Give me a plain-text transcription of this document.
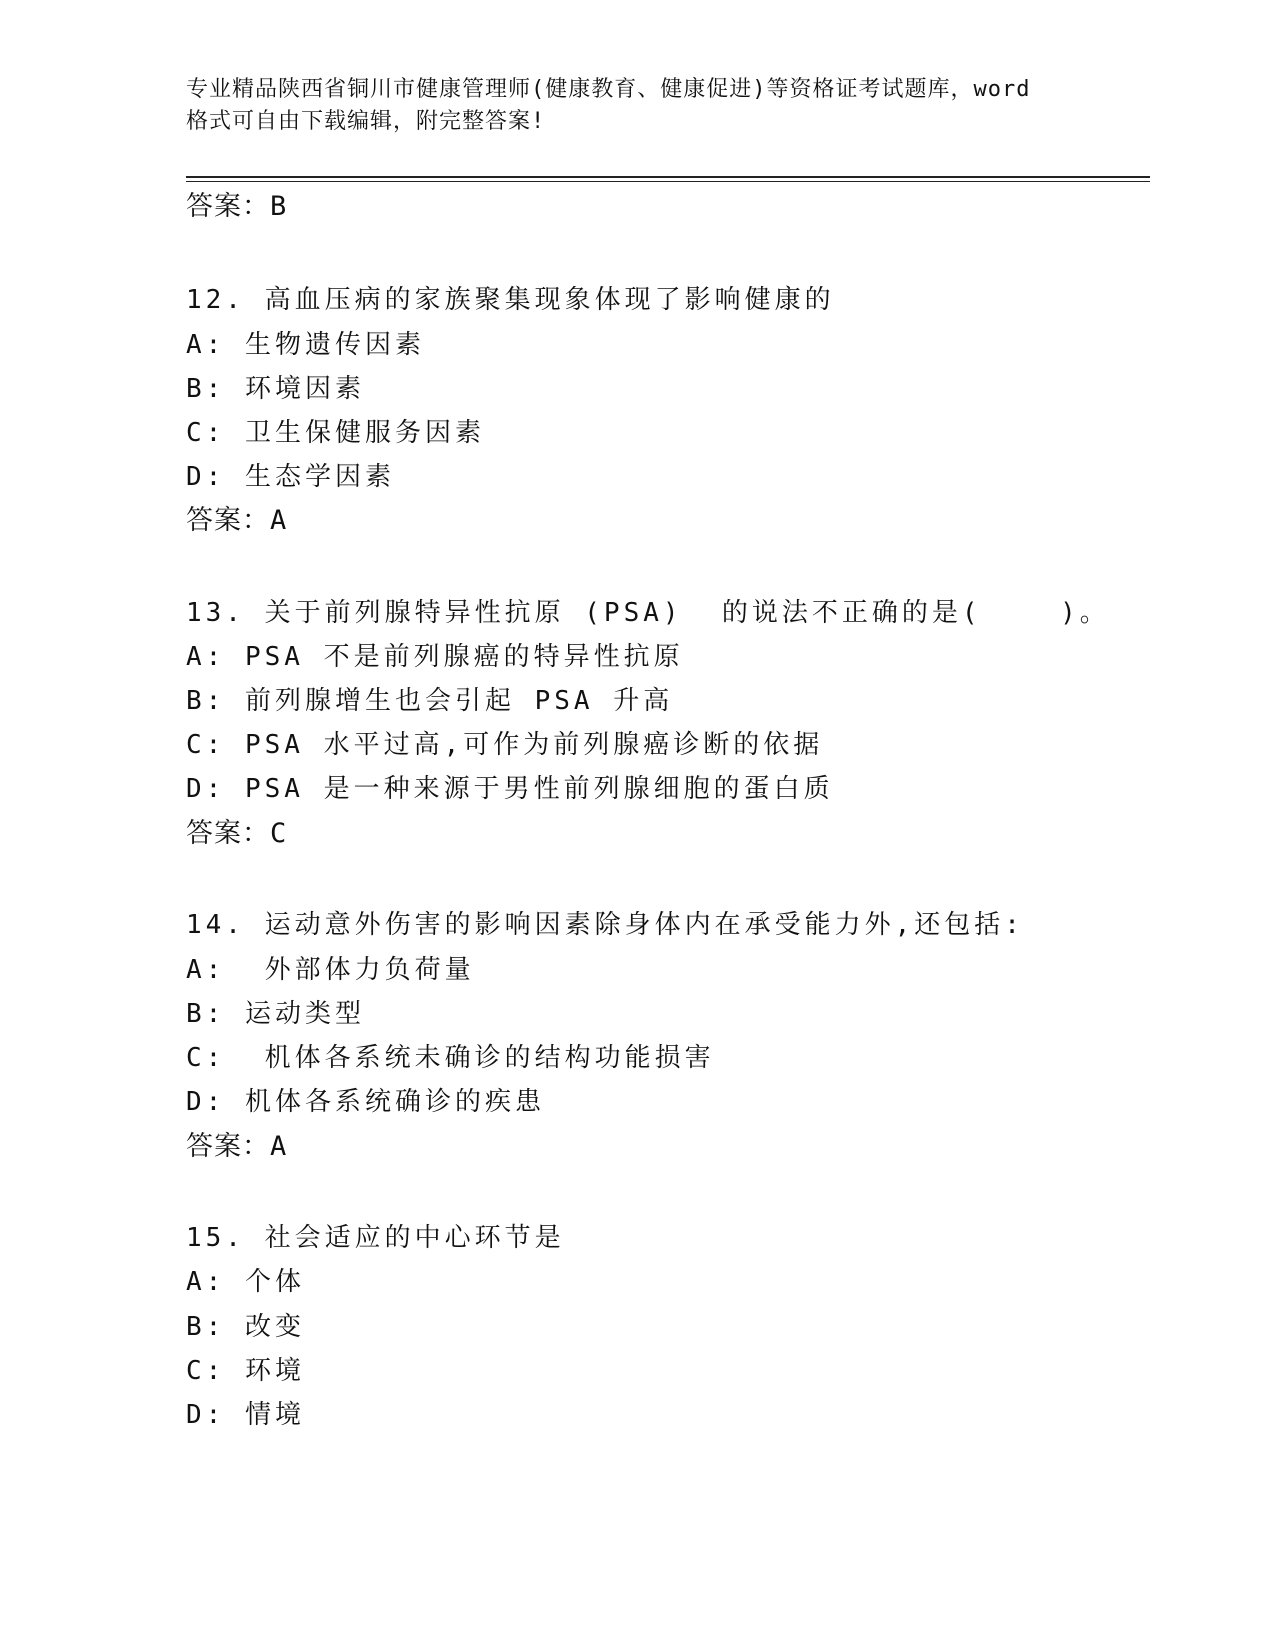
专业精品陕西省铜川市健康管理师(健康教育、健康促进)等资格证考试题库，word
格式可自由下载编辑，附完整答案!
答案：B
12. 高血压病的家族聚集现象体现了影响健康的
A: 生物遗传因素
B: 环境因素
C: 卫生保健服务因素
D: 生态学因素
答案：A
13. 关于前列腺特异性抗原 (PSA)  的说法不正确的是(    )。
A: PSA 不是前列腺癌的特异性抗原
B: 前列腺增生也会引起 PSA 升高
C: PSA 水平过高,可作为前列腺癌诊断的依据
D: PSA 是一种来源于男性前列腺细胞的蛋白质
答案：C
14. 运动意外伤害的影响因素除身体内在承受能力外,还包括:
A:  外部体力负荷量
B: 运动类型
C:  机体各系统未确诊的结构功能损害
D: 机体各系统确诊的疾患
答案：A
15. 社会适应的中心环节是
A: 个体
B: 改变
C: 环境
D: 情境
